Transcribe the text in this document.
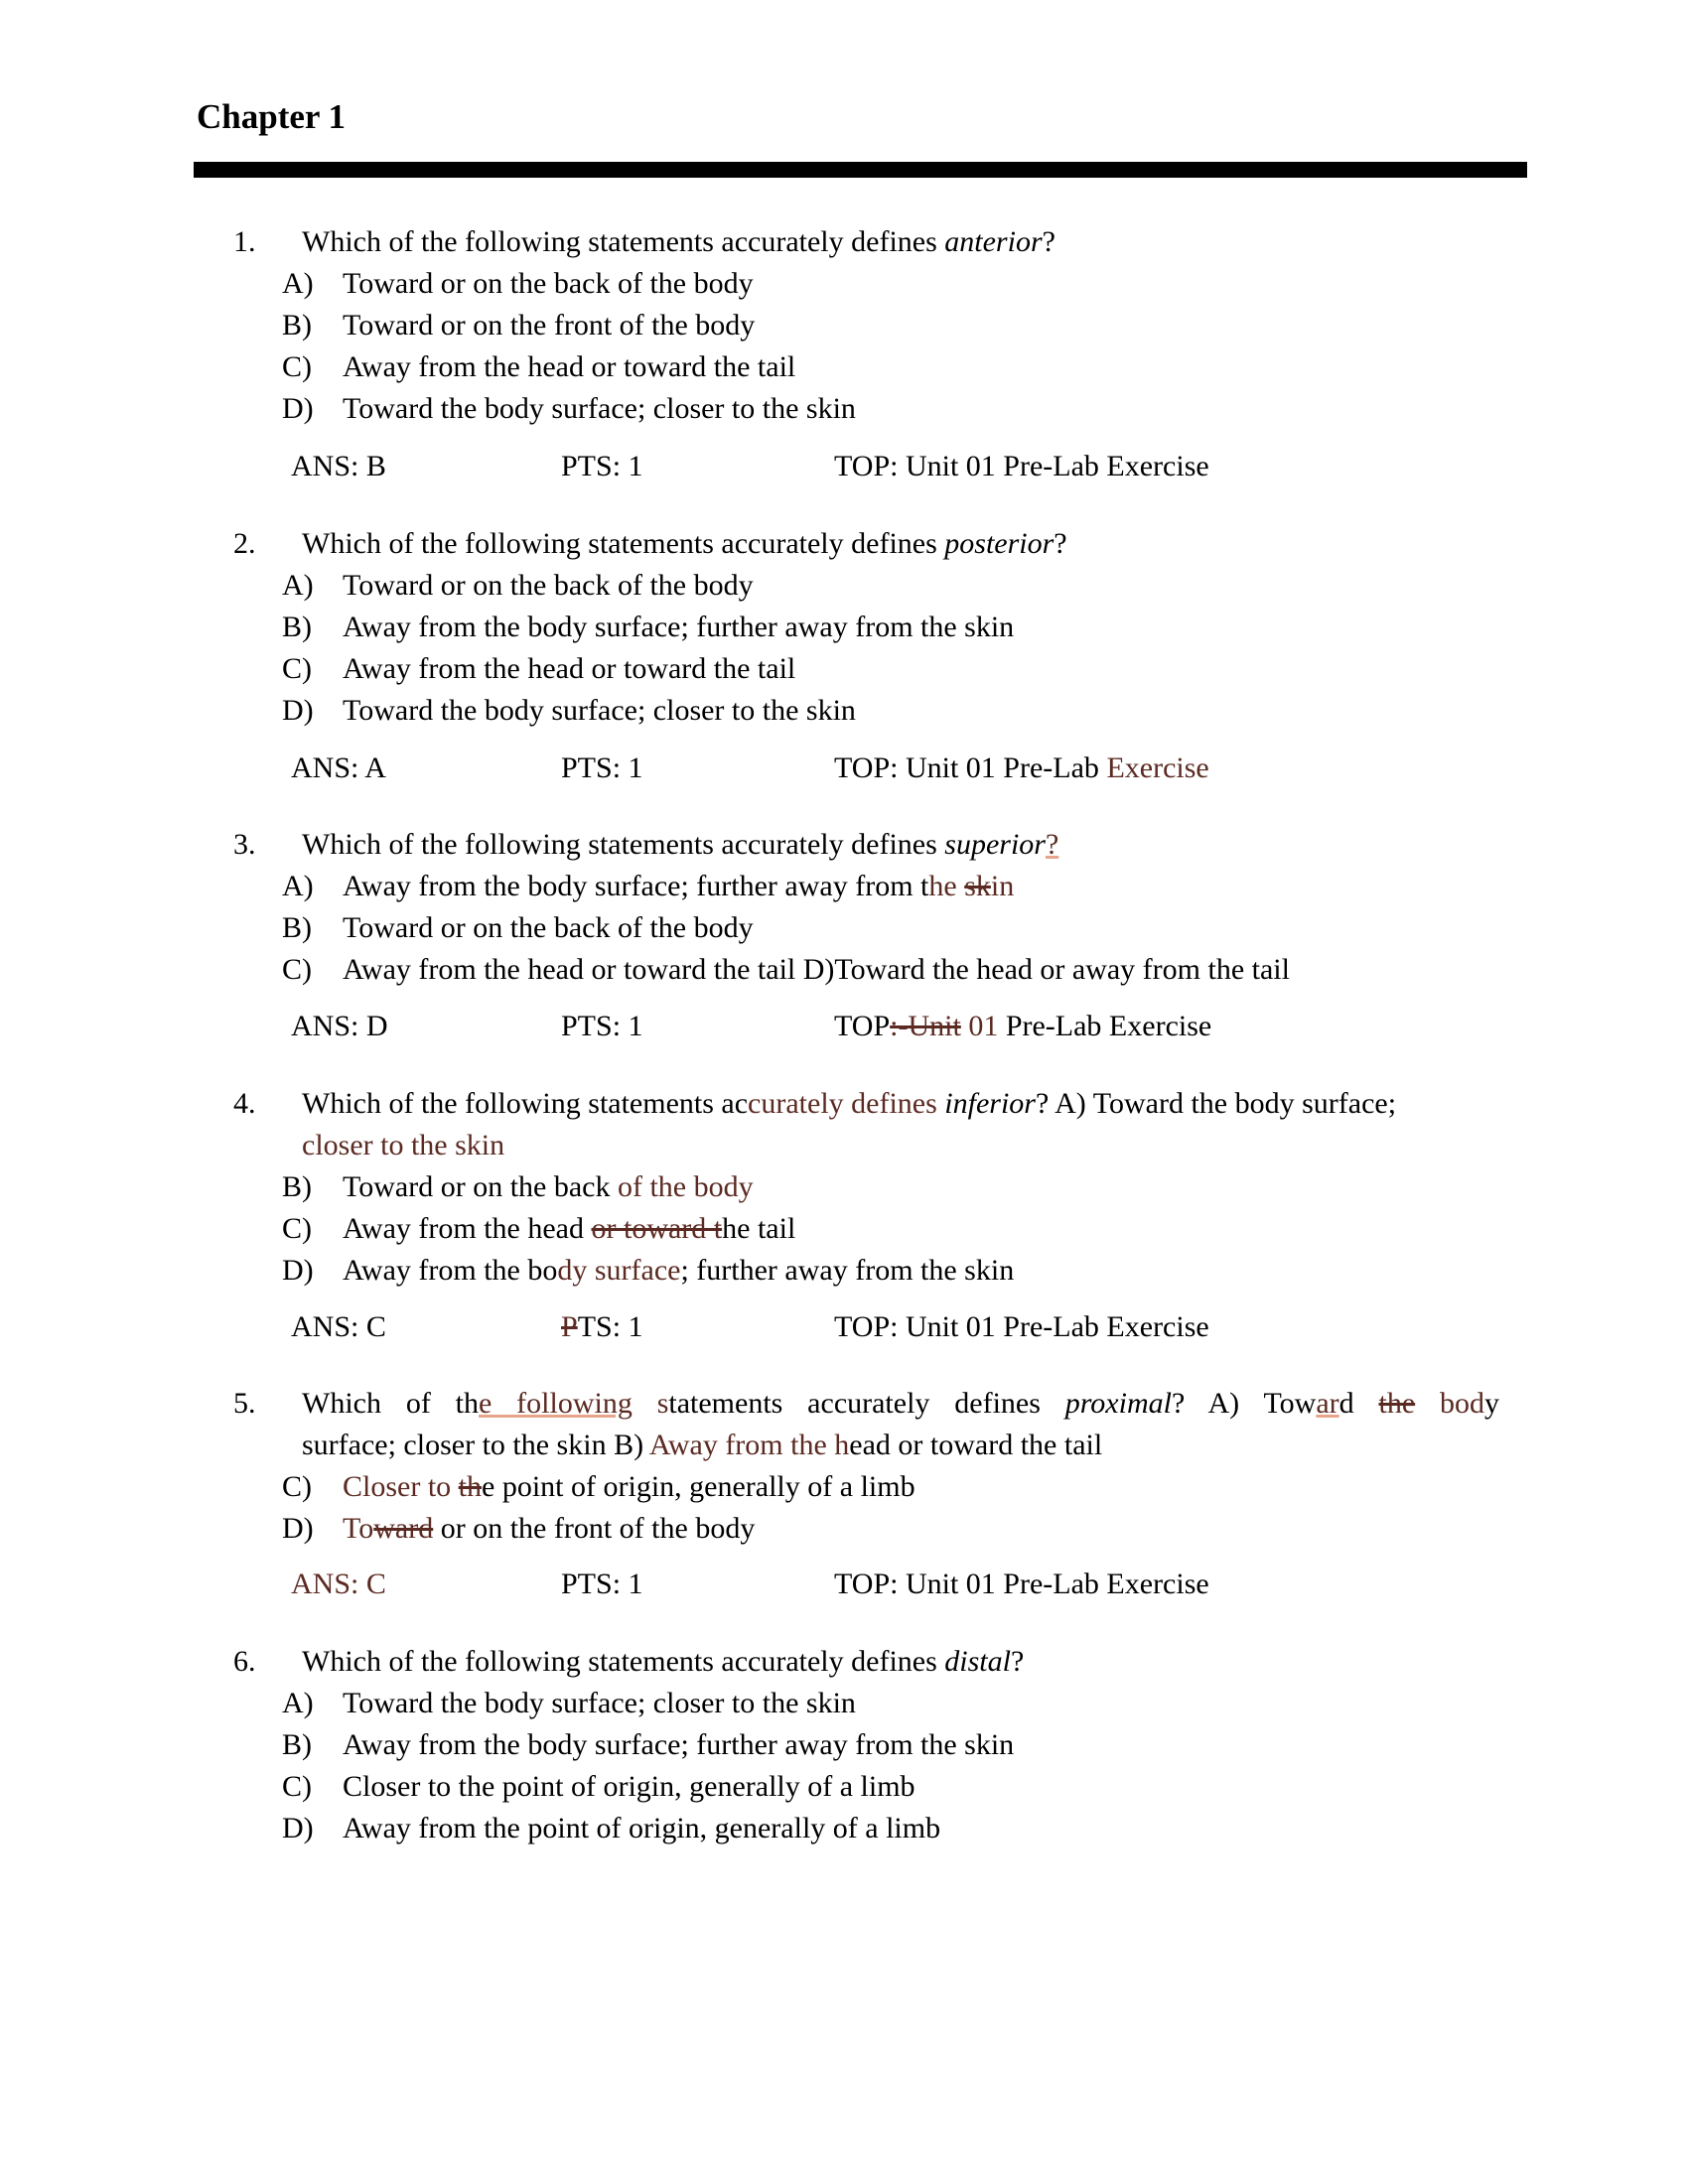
Chapter 1
1. Which of the following statements accurately defines anterior?
A) Toward or on the back of the body
B) Toward or on the front of the body
C) Away from the head or toward the tail
D) Toward the body surface; closer to the skin
ANS: B	PTS: 1	TOP: Unit 01 Pre-Lab Exercise
2. Which of the following statements accurately defines posterior?
A) Toward or on the back of the body
B) Away from the body surface; further away from the skin
C) Away from the head or toward the tail
D) Toward the body surface; closer to the skin
ANS: A	PTS: 1	TOP: Unit 01 Pre-Lab Exercise
3. Which of the following statements accurately defines superior?
A) Away from the body surface; further away from the skin
B) Toward or on the back of the body
C) Away from the head or toward the tail D)Toward the head or away from the tail
ANS: D	PTS: 1	TOP:-Unit 01 Pre-Lab Exercise
4. Which of the following statements accurately defines inferior? A) Toward the body surface;
closer to the skin
B) Toward or on the back of the body
C) Away from the head or toward the tail
D) Away from the body surface; further away from the skin
ANS: C	PTS: 1	TOP: Unit 01 Pre-Lab Exercise
5. Which of the following statements accurately defines proximal? A) Toward the body
surface; closer to the skin B) Away from the head or toward the tail
C) Closer to the point of origin, generally of a limb
D) Toward or on the front of the body
ANS: C	PTS: 1	TOP: Unit 01 Pre-Lab Exercise
6. Which of the following statements accurately defines distal?
A) Toward the body surface; closer to the skin
B) Away from the body surface; further away from the skin
C) Closer to the point of origin, generally of a limb
D) Away from the point of origin, generally of a limb
